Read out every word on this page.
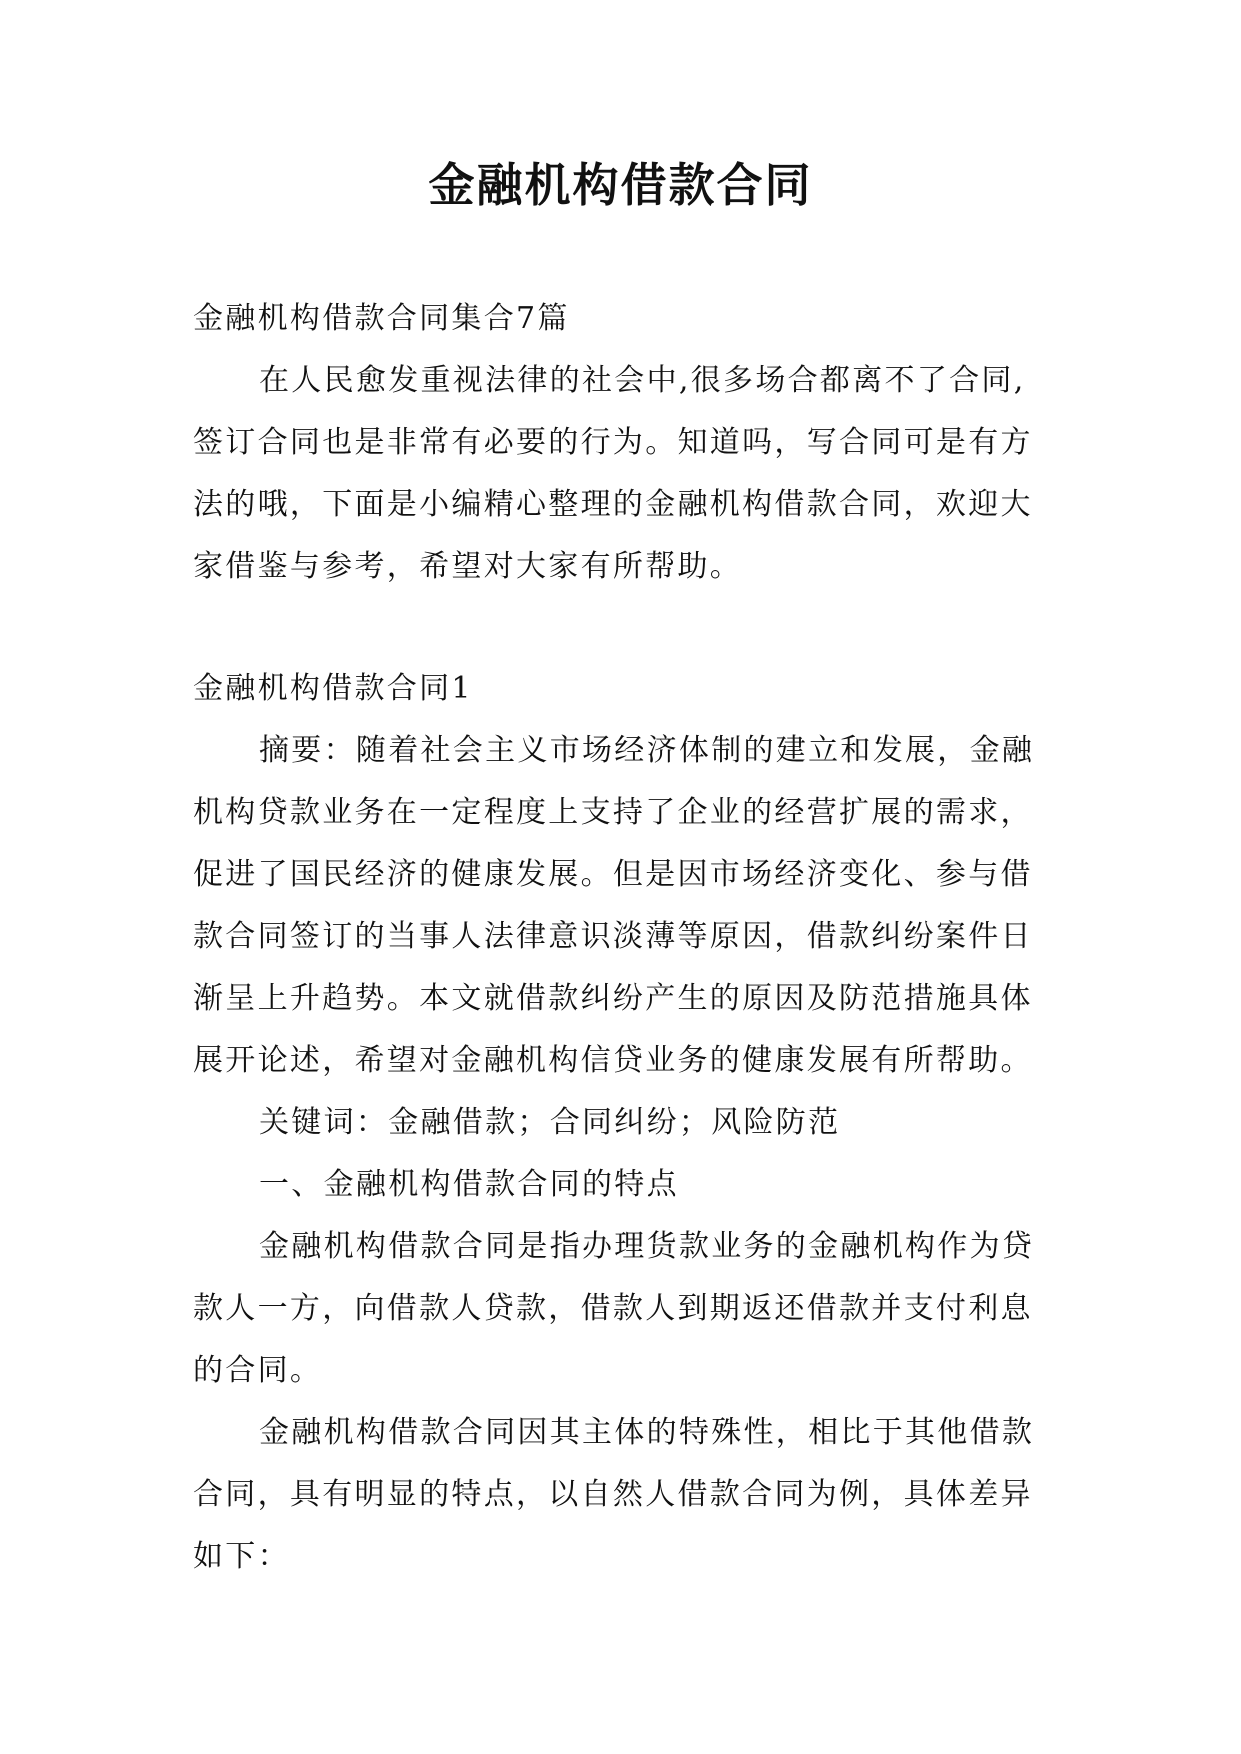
金融机构借款合同

金融机构借款合同集合7篇

在人民愈发重视法律的社会中,很多场合都离不了合同,签订合同也是非常有必要的行为。知道吗，写合同可是有方法的哦，下面是小编精心整理的金融机构借款合同，欢迎大家借鉴与参考，希望对大家有所帮助。

金融机构借款合同1

摘要：随着社会主义市场经济体制的建立和发展，金融机构贷款业务在一定程度上支持了企业的经营扩展的需求，促进了国民经济的健康发展。但是因市场经济变化、参与借款合同签订的当事人法律意识淡薄等原因，借款纠纷案件日渐呈上升趋势。本文就借款纠纷产生的原因及防范措施具体展开论述，希望对金融机构信贷业务的健康发展有所帮助。

关键词：金融借款；合同纠纷；风险防范

一、金融机构借款合同的特点

金融机构借款合同是指办理货款业务的金融机构作为贷款人一方，向借款人贷款，借款人到期返还借款并支付利息的合同。

金融机构借款合同因其主体的特殊性，相比于其他借款合同，具有明显的特点，以自然人借款合同为例，具体差异如下：
